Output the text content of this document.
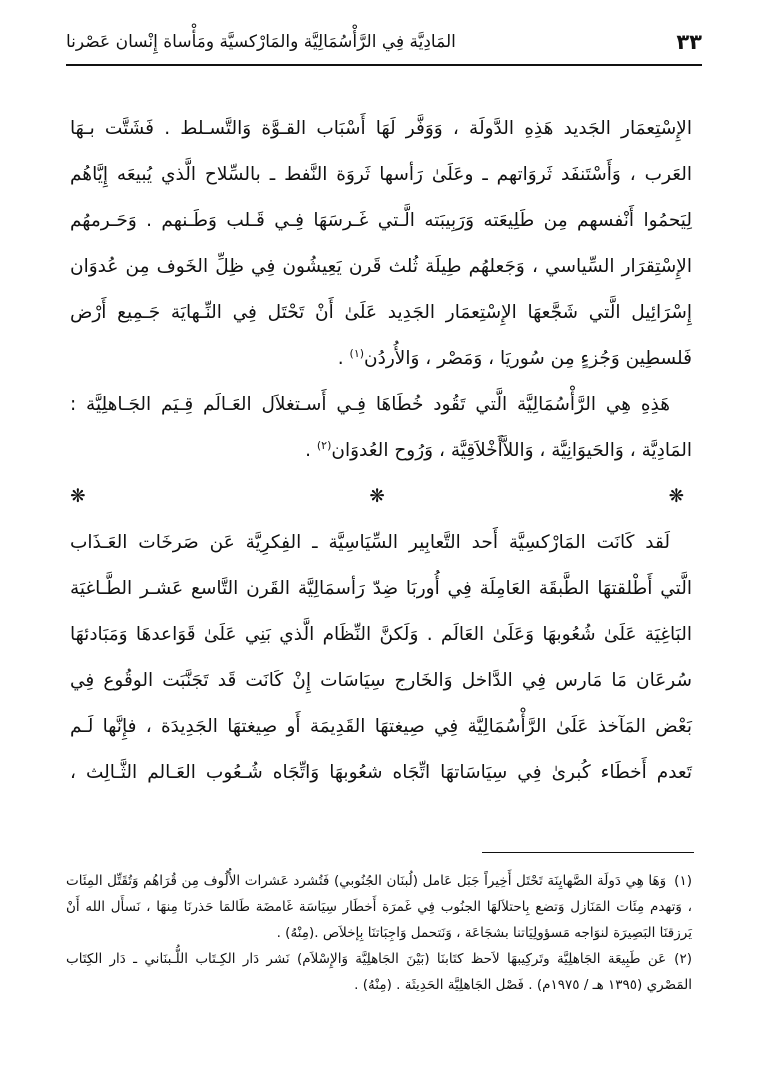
٣٣
المَادِيَّة فِي الرَّأْسُمَالِيَّة والمَارْكسيَّة ومَأْساة إِنْسان عَصْرنا

الإِسْتِعمَار الجَديد هَذِهِ الدَّولَة ، وَوَفَّر لَهَا أَسْبَاب القـوَّة وَالتَّسـلط . فَشَتَّت بـهَا

العَرب ، وَأَسْتَنفَد ثَروَاتهم ـ وعَلَىٰ رَأسها ثَروَة النَّفط ـ بالسِّلاح الَّذي يُبيعَه إِيَّاهُم

لِيَحمُوا أَنْفسهم مِن طَلِيعَته وَرَبِيبَته الَّـتي غَـرسَهَا فِـي قَـلب وَطَـنهم . وَحَـرمهُم

الإِسْتِقرَار السِّياسي ، وَجَعلهُم طِيلَة ثُلث قَرن يَعِيشُون فِي ظِلِّ الخَوف مِن عُدوَان

إِسْرَائِيل الَّتي شَجَّعهَا الإِسْتِعمَار الجَدِيد عَلَىٰ أَنْ تَحْتَل فِي النِّـهايَة جَـمِيع أَرْض

فَلسطِين وَجُزءٍ مِن سُوريَا ، وَمَصْر ، وَالأُردُن$^{(١)}$ .

هَذِهِ هِي الرَّأْسُمَالِيَّة الَّتي تَقُود خُطَاهَا فِـي أَسـتغلاَل العَـالَم قِـيَم الجَـاهلِيَّة :

المَادِيَّة ، وَالحَيوَانِيَّة ، وَاللاَّأَخْلاَقِيَّة ، وَرُوح العُدوَان$^{(٢)}$ .

❋ ❋ ❋

لَقد كَانَت المَارْكسِيَّة أَحد التَّعابِير السِّيَاسِيَّة ـ الفِكرِيَّة عَن صَرخَات العَـذَاب

الَّتي أَطْلقتهَا الطَّبقَة العَامِلَة فِي أُوربَا ضِدّ رَأسمَالِيَّة القَرن التَّاسع عَشـر الطَّـاغيَة

البَاغِيَة عَلَىٰ شُعُوبهَا وَعَلَىٰ العَالَم . وَلَكنَّ النِّظَام الَّذي بَنِي عَلَىٰ قَوَاعدهَا وَمَبَادئهَا

سُرعَان مَا مَارس فِي الدَّاخل وَالخَارج سِيَاسَات إِنْ كَانَت قَد تَجَنَّبَت الوقُوع فِي

بَعْض المَآخذ عَلَىٰ الرَّأْسُمَالِيَّة فِي صِيغتهَا القَدِيمَة أَو صِيغتهَا الجَدِيدَة ، فإِنَّها لَـم

تَعدم أَخطَاء كُبرىٰ فِي سِيَاسَاتهَا اتِّجَاه شعُوبهَا وَاتِّجَاه شُـعُوب العَـالم الثَّـالِث ،

(١)وَهَا هِي دَولَة الصَّهايِنَة تَحْتَل أَخِيراً جَبَل عَامل (لُبنَان الجُنُوبي) فَتُشرد عَشرات الأُلُوف مِن قُرَاهُم وَتُقَتِّل المِئَات ، وَتهدم مِئَات المَنَازل وَتضع بِاحتلاَلهَا الجنُوب فِي غَمرَة أَخطَار سِيَاسَة غَامضَة طَالمَا حَذرنَا مِنهَا ، نَسأَل الله أَنْ يَرزقنَا البَصِيرَة لنوَاجه مَسؤولِيَاتنا بشجَاعَة ، وَنَتحمل وَاجِبَاتنَا بِإخلاَص .(مِنْهُ) .

(٢)عَن طَبِيعَة الجَاهلِيَّة وتَركِيبهَا لاَحظ كتَابنَا (بَيْنَ الجَاهلِيَّة وَالإِسْلاَم) نَشر دَار الكِـتَاب اللُّـبنَاني ـ دَار الكِتَاب المَصْري (١٣٩٥ هـ / ١٩٧٥م) . فَصْل الجَاهلِيَّة الحَدِيثَة . (مِنْهُ) .
